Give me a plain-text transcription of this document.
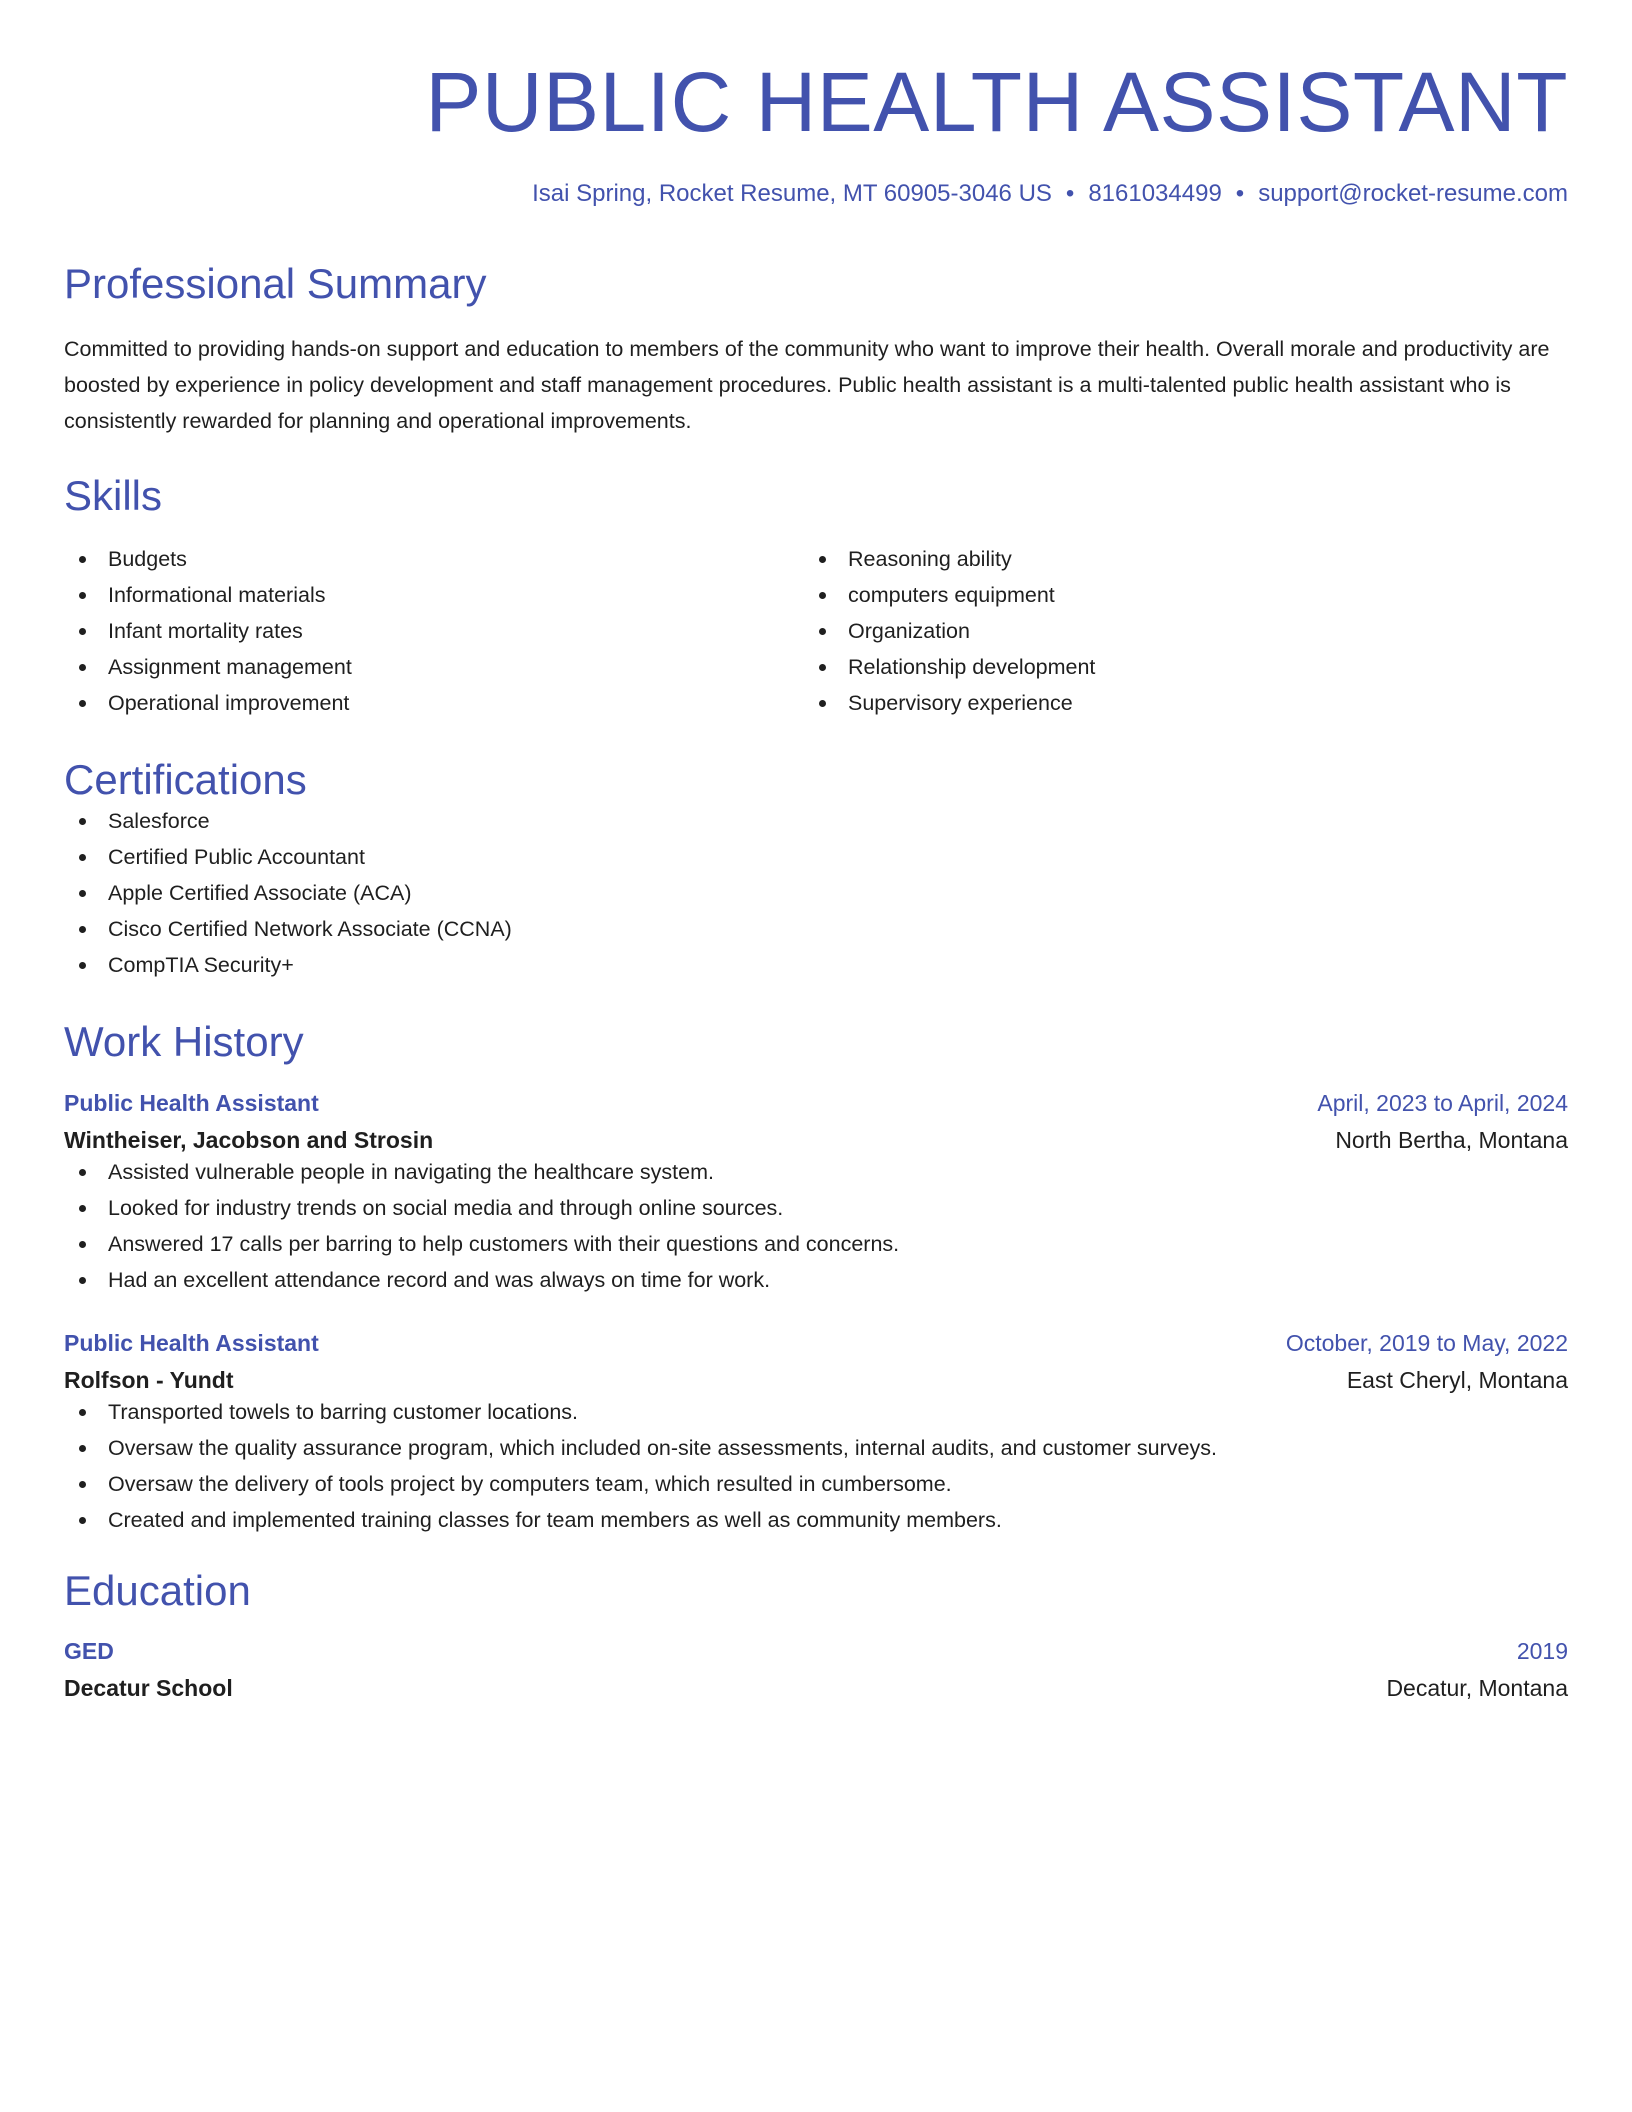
PUBLIC HEALTH ASSISTANT
Isai Spring, Rocket Resume, MT 60905-3046 US • 8161034499 • support@rocket-resume.com
Professional Summary
Committed to providing hands-on support and education to members of the community who want to improve their health. Overall morale and productivity are boosted by experience in policy development and staff management procedures. Public health assistant is a multi-talented public health assistant who is consistently rewarded for planning and operational improvements.
Skills
Budgets
Informational materials
Infant mortality rates
Assignment management
Operational improvement
Reasoning ability
computers equipment
Organization
Relationship development
Supervisory experience
Certifications
Salesforce
Certified Public Accountant
Apple Certified Associate (ACA)
Cisco Certified Network Associate (CCNA)
CompTIA Security+
Work History
Public Health Assistant	April, 2023 to April, 2024
Wintheiser, Jacobson and Strosin	North Bertha, Montana
Assisted vulnerable people in navigating the healthcare system.
Looked for industry trends on social media and through online sources.
Answered 17 calls per barring to help customers with their questions and concerns.
Had an excellent attendance record and was always on time for work.
Public Health Assistant	October, 2019 to May, 2022
Rolfson - Yundt	East Cheryl, Montana
Transported towels to barring customer locations.
Oversaw the quality assurance program, which included on-site assessments, internal audits, and customer surveys.
Oversaw the delivery of tools project by computers team, which resulted in cumbersome.
Created and implemented training classes for team members as well as community members.
Education
GED	2019
Decatur School	Decatur, Montana
